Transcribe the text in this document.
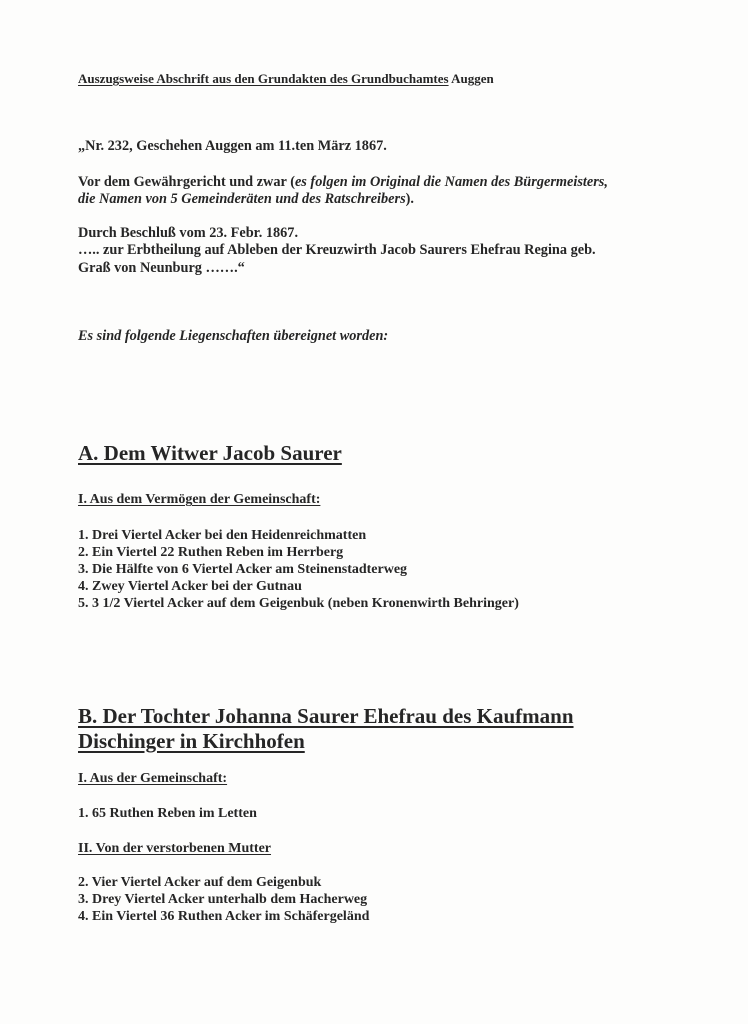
Auszugsweise Abschrift aus den Grundakten des Grundbuchamtes Auggen
„Nr. 232, Geschehen Auggen am 11.ten März 1867.
Vor dem Gewährgericht und zwar (es folgen im Original die Namen des Bürgermeisters,
die Namen von 5 Gemeinderäten und des Ratschreibers).
Durch Beschluß vom 23. Febr. 1867.
….. zur Erbtheilung auf Ableben der Kreuzwirth Jacob Saurers Ehefrau Regina geb.
Graß von Neunburg …….“
Es sind folgende Liegenschaften übereignet worden:
A. Dem Witwer Jacob Saurer
I. Aus dem Vermögen der Gemeinschaft:
1. Drei Viertel Acker bei den Heidenreichmatten
2. Ein Viertel 22 Ruthen Reben im Herrberg
3. Die Hälfte von 6 Viertel Acker am Steinenstadterweg
4. Zwey Viertel Acker bei der Gutnau
5. 3 1/2 Viertel Acker auf dem Geigenbuk (neben Kronenwirth Behringer)
B. Der Tochter Johanna Saurer Ehefrau des Kaufmann
Dischinger in Kirchhofen
I. Aus der Gemeinschaft:
1. 65 Ruthen Reben im Letten
II. Von der verstorbenen Mutter
2. Vier Viertel Acker auf dem Geigenbuk
3. Drey Viertel Acker unterhalb dem Hacherweg
4. Ein Viertel 36 Ruthen Acker im Schäfergeländ
